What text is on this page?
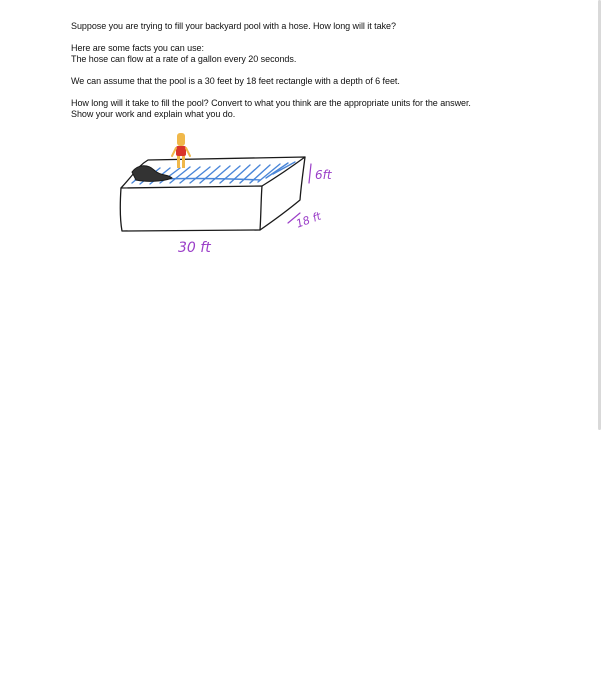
Suppose you are trying to fill your backyard pool with a hose. How long will it take?

Here are some facts you can use:

The hose can flow at a rate of a gallon every 20 seconds.

We can assume that the pool is a 30 feet by 18 feet rectangle with a depth of 6 feet.

How long will it take to fill the pool? Convert to what you think are the appropriate units for the answer.

Show your work and explain what you do.

6ft
18 ft
30 ft
